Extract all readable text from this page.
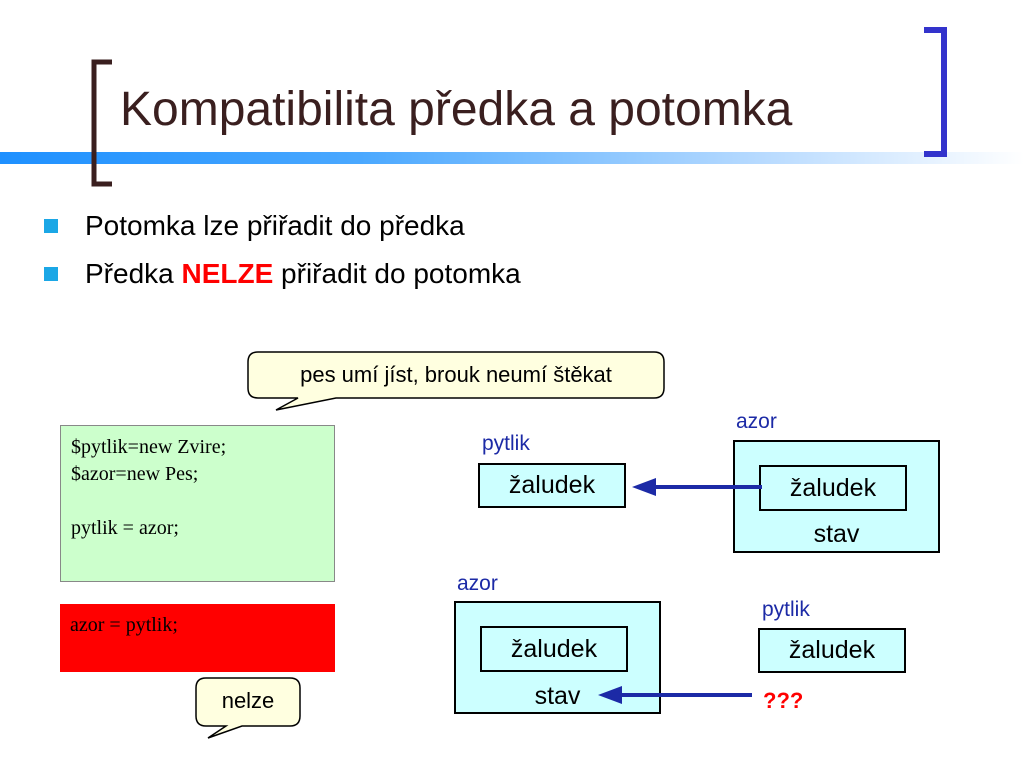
Kompatibilita předka a potomka
Potomka lze přiřadit do předka
Předka NELZE přiřadit do potomka
pes umí jíst, brouk neumí štěkat
nelze
$pytlik=new Zvire;
$azor=new Pes;
pytlik = azor;
azor = pytlik;
pytlik
žaludek
azor
žaludek
stav
azor
žaludek
stav
pytlik
žaludek
???
